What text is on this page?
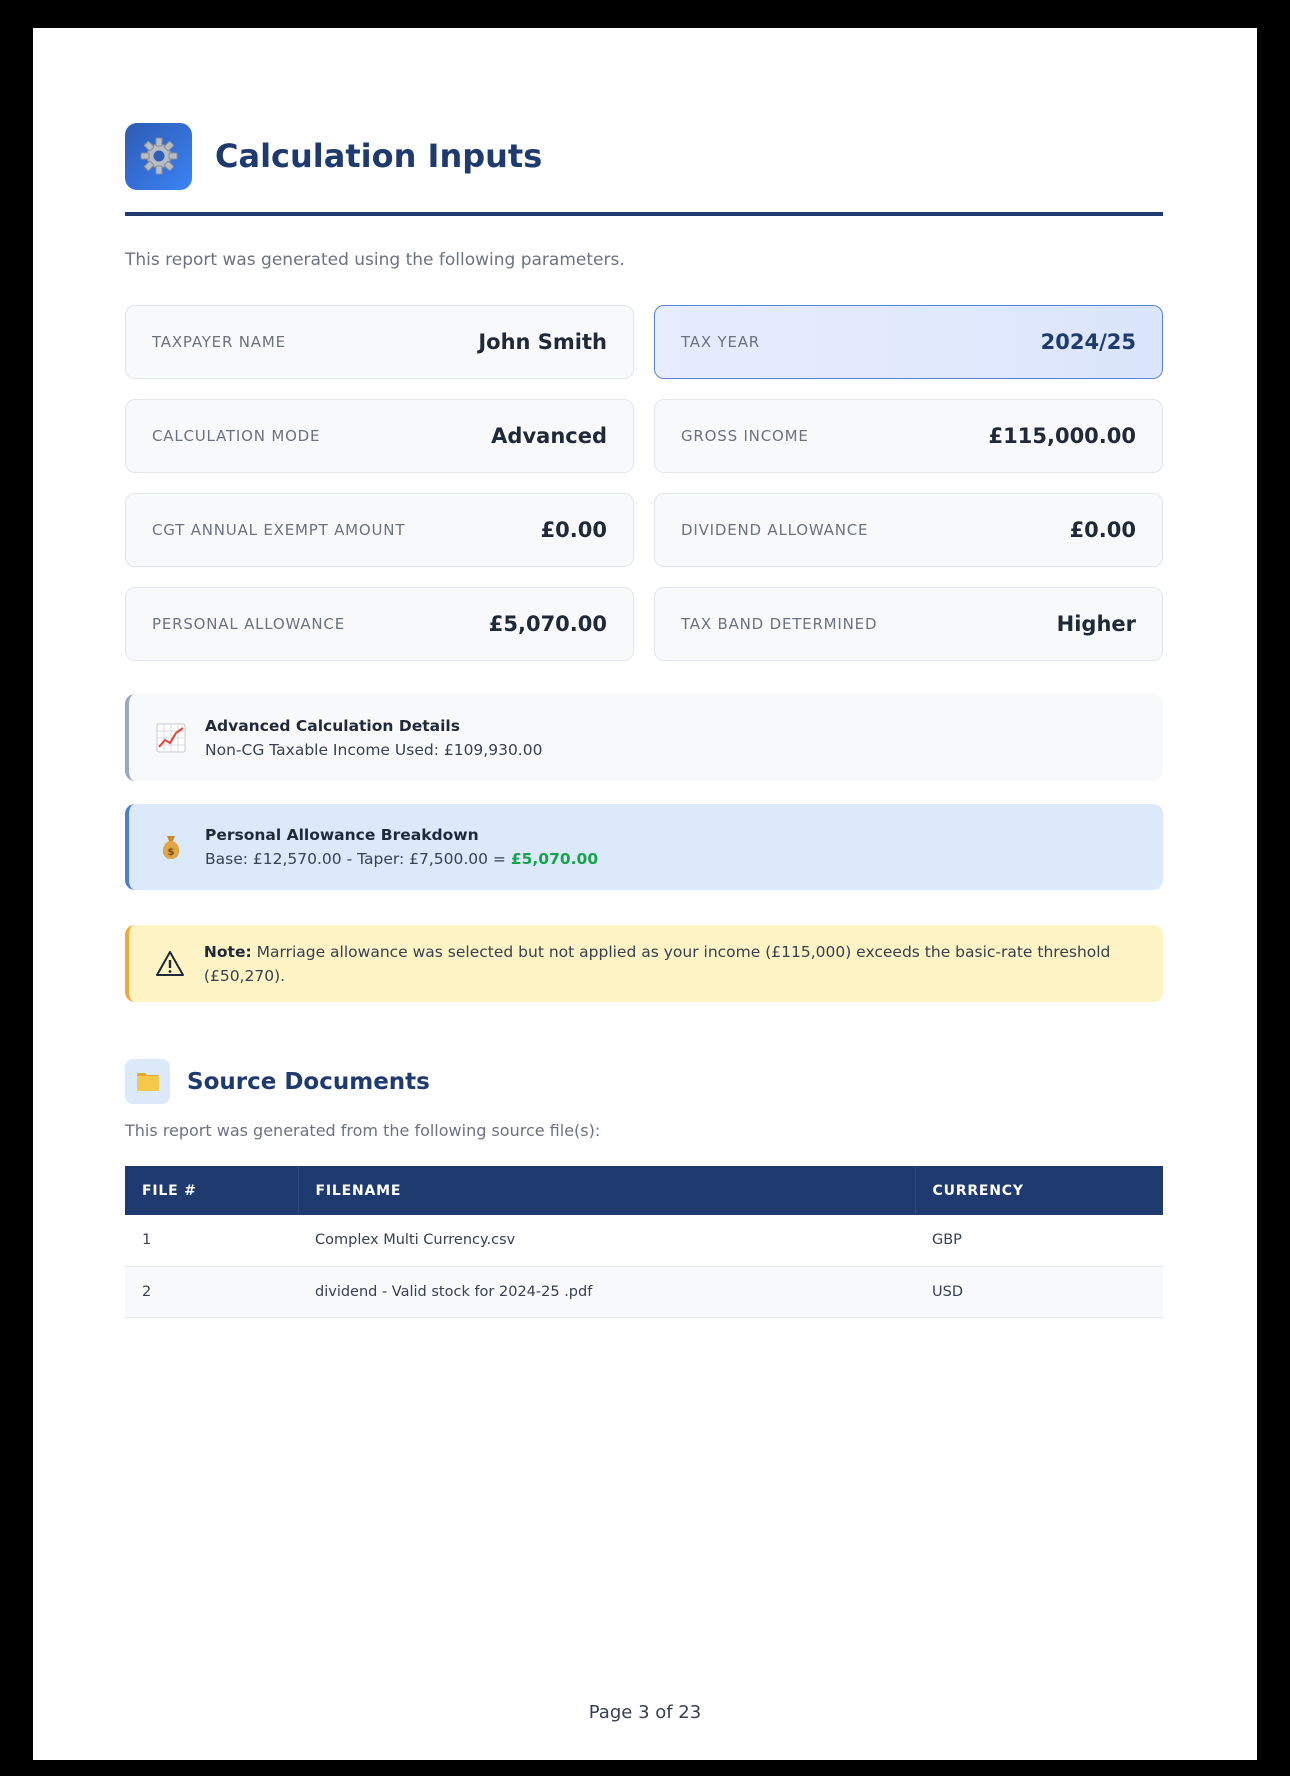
Calculation Inputs
This report was generated using the following parameters.
TAXPAYER NAME	John Smith	TAX YEAR	2024/25
CALCULATION MODE	Advanced	GROSS INCOME	£115,000.00
CGT ANNUAL EXEMPT AMOUNT	£0.00	DIVIDEND ALLOWANCE	£0.00
PERSONAL ALLOWANCE	£5,070.00	TAX BAND DETERMINED	Higher
Advanced Calculation Details
Non-CG Taxable Income Used: £109,930.00
$
Personal Allowance Breakdown
Base: £12,570.00 - Taper: £7,500.00 = £5,070.00
Note: Marriage allowance was selected but not applied as your income (£115,000) exceeds the basic-rate threshold (£50,270).
Source Documents
This report was generated from the following source file(s):
FILE #	FILENAME	CURRENCY
1	Complex Multi Currency.csv	GBP
2	dividend - Valid stock for 2024-25 .pdf	USD
Page 3 of 23
